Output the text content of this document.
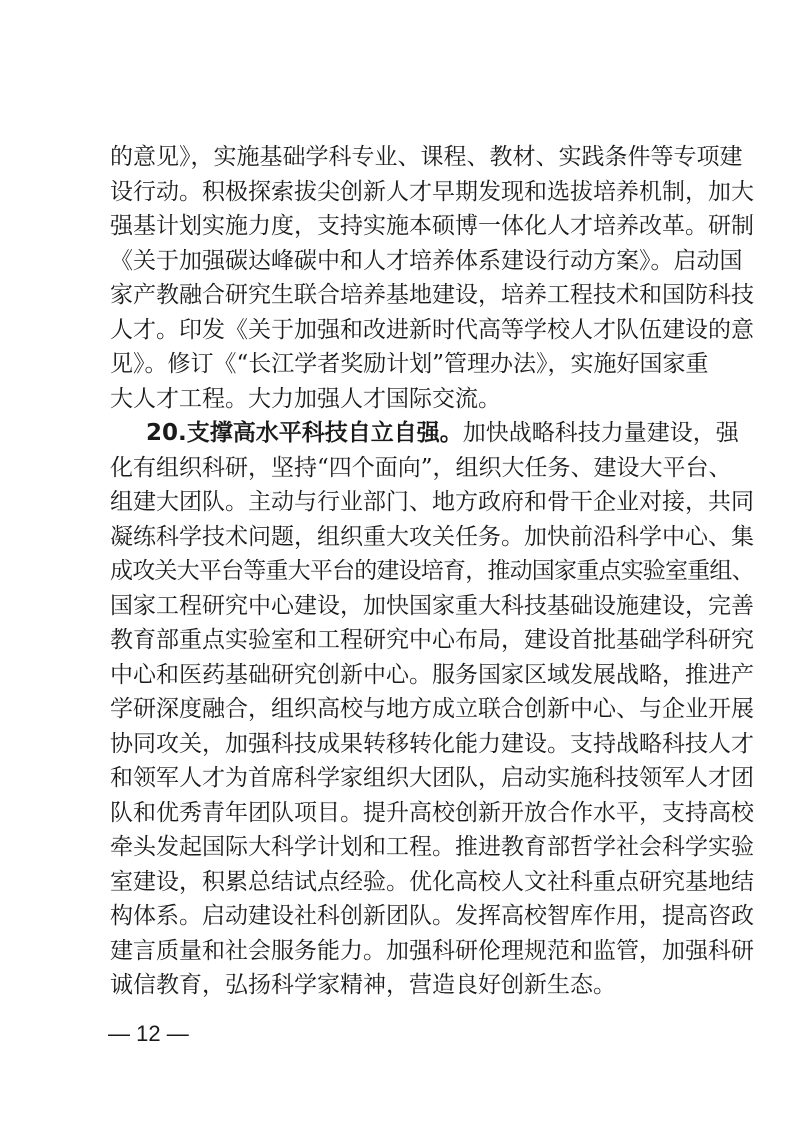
的意见》，实施基础学科专业、课程、教材、实践条件等专项建
设行动。积极探索拔尖创新人才早期发现和选拔培养机制，加大
强基计划实施力度，支持实施本硕博一体化人才培养改革。研制
《关于加强碳达峰碳中和人才培养体系建设行动方案》。启动国
家产教融合研究生联合培养基地建设，培养工程技术和国防科技
人才。印发《关于加强和改进新时代高等学校人才队伍建设的意
见》。修订《“长江学者奖励计划”管理办法》，实施好国家重
大人才工程。大力加强人才国际交流。
20.支撑高水平科技自立自强。加快战略科技力量建设，强
化有组织科研，坚持“四个面向”，组织大任务、建设大平台、
组建大团队。主动与行业部门、地方政府和骨干企业对接，共同
凝练科学技术问题，组织重大攻关任务。加快前沿科学中心、集
成攻关大平台等重大平台的建设培育，推动国家重点实验室重组、
国家工程研究中心建设，加快国家重大科技基础设施建设，完善
教育部重点实验室和工程研究中心布局，建设首批基础学科研究
中心和医药基础研究创新中心。服务国家区域发展战略，推进产
学研深度融合，组织高校与地方成立联合创新中心、与企业开展
协同攻关，加强科技成果转移转化能力建设。支持战略科技人才
和领军人才为首席科学家组织大团队，启动实施科技领军人才团
队和优秀青年团队项目。提升高校创新开放合作水平，支持高校
牵头发起国际大科学计划和工程。推进教育部哲学社会科学实验
室建设，积累总结试点经验。优化高校人文社科重点研究基地结
构体系。启动建设社科创新团队。发挥高校智库作用，提高咨政
建言质量和社会服务能力。加强科研伦理规范和监管，加强科研
诚信教育，弘扬科学家精神，营造良好创新生态。
— 12 —
